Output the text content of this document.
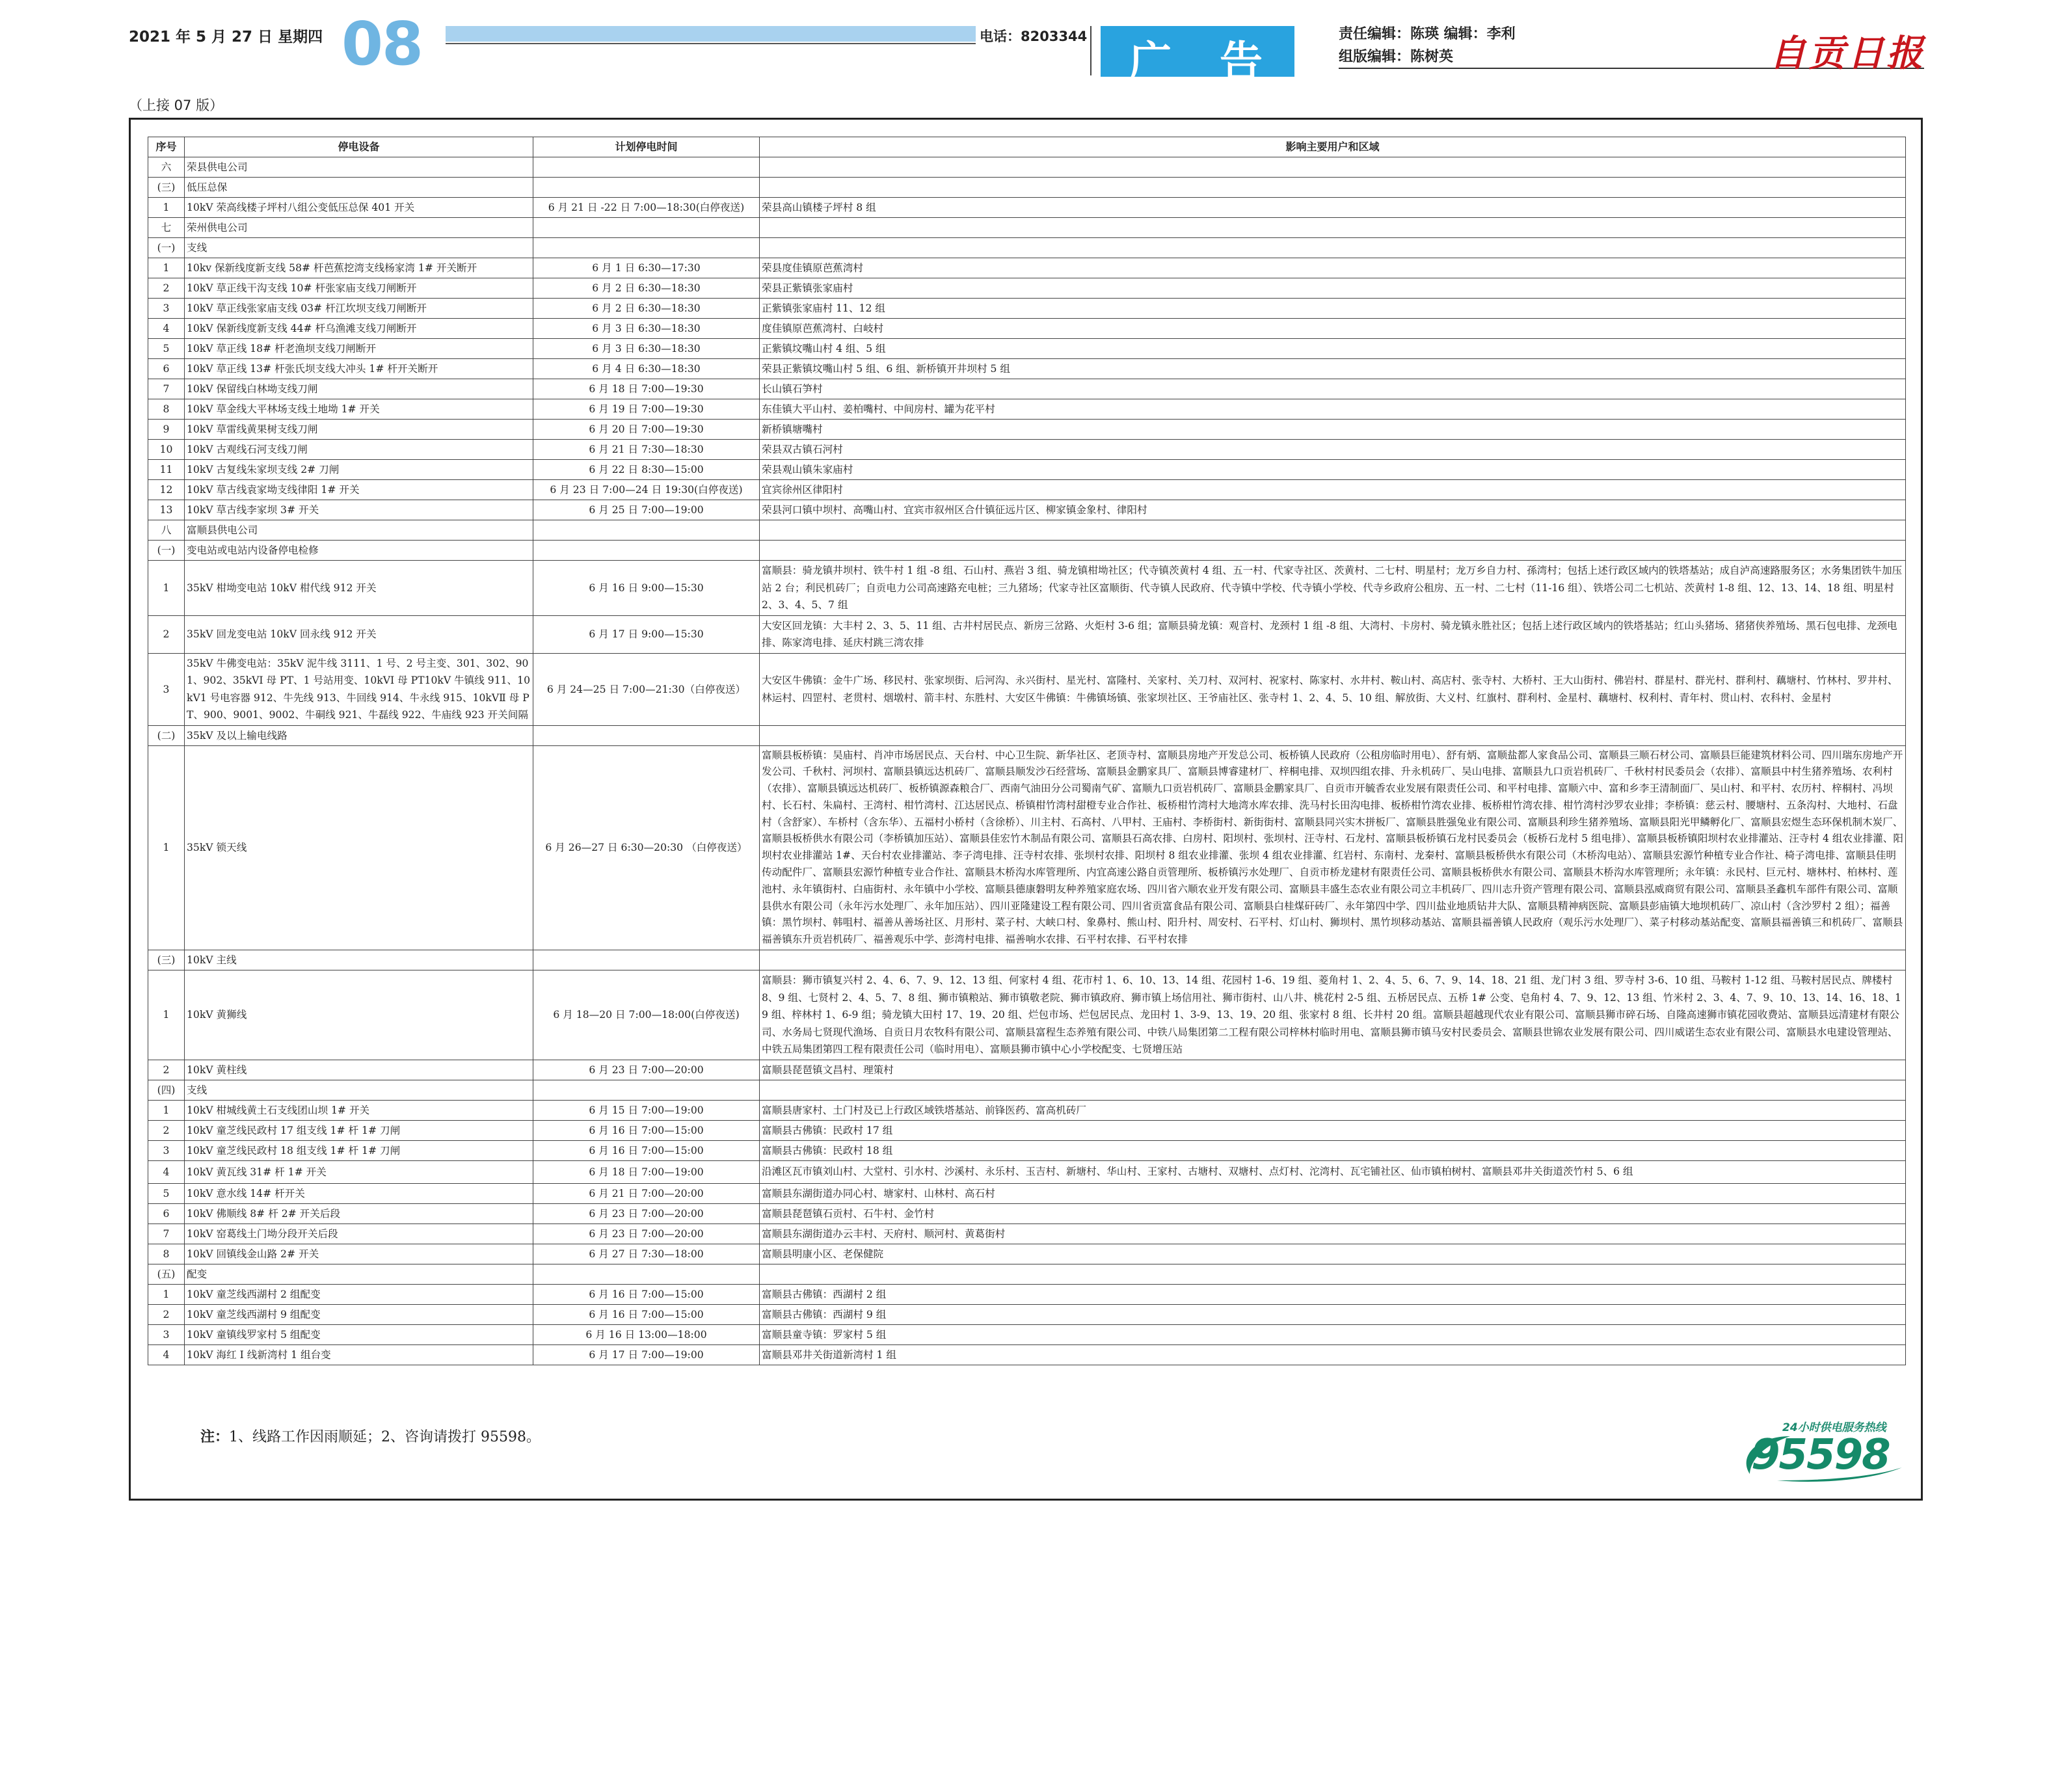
2021 年 5 月 27 日 星期四 08	电话：8203344
广 告
责任编辑：陈瑛 编辑：李利
组版编辑：陈树英	自贡日报
（上接 07 版）
序号	停电设备	计划停电时间	影响主要用户和区域
六	荣县供电公司		
(三)	低压总保		
1	10kV 荣高线楼子坪村八组公变低压总保 401 开关	6 月 21 日 -22 日 7:00—18:30(白停夜送)	荣县高山镇楼子坪村 8 组
七	荣州供电公司		
(一)	支线		
1	10kv 保新线度新支线 58# 杆芭蕉挖湾支线杨家湾 1# 开关断开	6 月 1 日 6:30—17:30	荣县度佳镇原芭蕉湾村
2	10kV 草正线干沟支线 10# 杆张家庙支线刀闸断开	6 月 2 日 6:30—18:30	荣县正紫镇张家庙村
3	10kV 草正线张家庙支线 03# 杆江坎坝支线刀闸断开	6 月 2 日 6:30—18:30	正紫镇张家庙村 11、12 组
4	10kV 保新线度新支线 44# 杆乌渔滩支线刀闸断开	6 月 3 日 6:30—18:30	度佳镇原芭蕉湾村、白岐村
5	10kV 草正线 18# 杆老渔坝支线刀闸断开	6 月 3 日 6:30—18:30	正紫镇坟嘴山村 4 组、5 组
6	10kV 草正线 13# 杆张氏坝支线大冲头 1# 杆开关断开	6 月 4 日 6:30—18:30	荣县正紫镇坟嘴山村 5 组、6 组、新桥镇开井坝村 5 组
7	10kV 保留线白林坳支线刀闸	6 月 18 日 7:00—19:30	长山镇石笋村
8	10kV 草金线大平林场支线土地坳 1# 开关	6 月 19 日 7:00—19:30	东佳镇大平山村、姜柏嘴村、中间房村、罐为花平村
9	10kV 草雷线黄果树支线刀闸	6 月 20 日 7:00—19:30	新桥镇塘嘴村
10	10kV 古观线石河支线刀闸	6 月 21 日 7:30—18:30	荣县双古镇石河村
11	10kV 古复线朱家坝支线 2# 刀闸	6 月 22 日 8:30—15:00	荣县观山镇朱家庙村
12	10kV 草古线袁家坳支线律阳 1# 开关	6 月 23 日 7:00—24 日 19:30(白停夜送)	宜宾徐州区律阳村
13	10kV 草古线李家坝 3# 开关	6 月 25 日 7:00—19:00	荣县河口镇中坝村、高嘴山村、宜宾市叙州区合什镇征远片区、柳家镇金象村、律阳村
八	富顺县供电公司		
(一)	变电站或电站内设备停电检修		
1	35kV 柑坳变电站 10kV 柑代线 912 开关	6 月 16 日 9:00—15:30	富顺县：骑龙镇井坝村、铁牛村 1 组 -8 组、石山村、燕岩 3 组、骑龙镇柑坳社区；代寺镇茨黄村 4 组、五一村、代家寺社区、茨黄村、二七村、明星村；龙万乡自力村、孫湾村；包括上述行政区域内的铁塔基站；成自泸高速路服务区；水务集团铁牛加压站 2 台；利民机砖厂；自贡电力公司高速路充电桩；三九猪场；代家寺社区富顺街、代寺镇人民政府、代寺镇中学校、代寺镇小学校、代寺乡政府公租房、五一村、二七村（11-16 组）、铁塔公司二七机站、茨黄村 1-8 组、12、13、14、18 组、明星村 2、3、4、5、7 组
2	35kV 回龙变电站 10kV 回永线 912 开关	6 月 17 日 9:00—15:30	大安区回龙镇：大丰村 2、3、5、11 组、古井村居民点、新房三岔路、火炬村 3-6 组；富顺县骑龙镇：观音村、龙颈村 1 组 -8 组、大湾村、卡房村、骑龙镇永胜社区；包括上述行政区域内的铁塔基站；红山头猪场、猪猪侠养殖场、黑石包电排、龙颈电排、陈家湾电排、延庆村跳三湾农排
3	35kV 牛佛变电站：35kV 泥牛线 3111、1 号、2 号主变、301、302、901、902、35kVI 母 PT、1 号站用变、10kVI 母 PT10kV 牛镇线 911、10kV1 号电容器 912、牛先线 913、牛回线 914、牛永线 915、10kVⅡ 母 PT、900、9001、9002、牛硐线 921、牛磊线 922、牛庙线 923 开关间隔	6 月 24—25 日 7:00—21:30（白停夜送）	大安区牛佛镇：金牛广场、移民村、张家坝街、后河沟、永兴街村、星光村、富隆村、关家村、关刀村、双河村、祝家村、陈家村、水井村、鞍山村、高店村、张寺村、大桥村、王大山街村、佛岩村、群星村、群光村、群利村、藕塘村、竹林村、罗井村、林运村、四罡村、老贯村、烟墩村、箭丰村、东胜村、大安区牛佛镇：牛佛镇场镇、张家坝社区、王爷庙社区、张寺村 1、2、4、5、10 组、解放街、大义村、红旗村、群利村、金星村、藕塘村、权利村、青年村、贯山村、农科村、金星村
(二)	35kV 及以上输电线路		
1	35kV 锁天线	6 月 26—27 日 6:30—20:30 （白停夜送）	富顺县板桥镇：吴庙村、肖冲市场居民点、天台村、中心卫生院、新华社区、老顶寺村、富顺县房地产开发总公司、板桥镇人民政府（公租房临时用电）、舒有炳、富顺盐都人家食品公司、富顺县三顺石材公司、富顺县巨能建筑材料公司、四川瑞东房地产开发公司、千秋村、河坝村、富顺县镇远达机砖厂、富顺县顺发沙石经营场、富顺县金鹏家具厂、富顺县博睿建材厂、梓桐电排、双坝四组农排、升永机砖厂、吴山电排、富顺县九口贡岩机砖厂、千秋村村民委员会（农排）、富顺县中村生猪养殖场、农利村（农排）、富顺县镇远达机砖厂、板桥镇源森粮合厂、西南气油田分公司蜀南气矿、富顺九口贡岩机砖厂、富顺县金鹏家具厂、自贡市开毓香农业发展有限责任公司、和平村电排、富顺六中、富和乡李王清制面厂、吴山村、和平村、农历村、梓桐村、冯坝村、长石村、朱扁村、王湾村、柑竹湾村、江达居民点、桥镇柑竹湾村甜橙专业合作社、板桥柑竹湾村大地湾水库农排、洗马村长田沟电排、板桥柑竹湾农业排、板桥柑竹湾农排、柑竹湾村沙罗农业排；李桥镇：慈云村、腰塘村、五条沟村、大地村、石盘村（含舒家）、车桥村（含东华）、五福村小桥村（含徐桥）、川主村、石高村、八甲村、王庙村、李桥街村、新街街村、富顺县同兴实木拼板厂、富顺县胜强兔业有限公司、富顺县利珍生猪养殖场、富顺县阳光甲鳞孵化厂、富顺县宏煜生态环保机制木炭厂、富顺县板桥供水有限公司（李桥镇加压站）、富顺县佳宏竹木制品有限公司、富顺县石高农排、白房村、阳坝村、张坝村、汪寺村、石龙村、富顺县板桥镇石龙村民委员会（板桥石龙村 5 组电排）、富顺县板桥镇阳坝村农业排灌站、汪寺村 4 组农业排灌、阳坝村农业排灌站 1#、天台村农业排灌站、李子湾电排、汪寺村农排、张坝村农排、阳坝村 8 组农业排灌、张坝 4 组农业排灌、红岩村、东南村、龙秦村、富顺县板桥供水有限公司（木桥沟电站）、富顺县宏源竹种植专业合作社、椅子湾电排、富顺县佳明传动配件厂、富顺县宏源竹种植专业合作社、富顺县木桥沟水库管理所、内宜高速公路自贡管理所、板桥镇污水处理厂、自贡市桥龙建材有限责任公司、富顺县板桥供水有限公司、富顺县木桥沟水库管理所；永年镇：永民村、巨元村、塘林村、柏林村、莲池村、永年镇街村、白庙街村、永年镇中小学校、富顺县德康磐明友种养殖家庭农场、四川省六顺农业开发有限公司、富顺县丰盛生态农业有限公司立丰机砖厂、四川志升资产管理有限公司、富顺县泓威商贸有限公司、富顺县圣鑫机车部件有限公司、富顺县供水有限公司（永年污水处理厂、永年加压站）、四川亚隆建设工程有限公司、四川省贡富食品有限公司、富顺县白桂煤矸砖厂、永年第四中学、四川盐业地质钻井大队、富顺县精神病医院、富顺县彭庙镇大地坝机砖厂、凉山村（含沙罗村 2 组）；福善镇：黑竹坝村、韩咀村、福善从善场社区、月形村、菜子村、大峡口村、象鼻村、熊山村、阳升村、周安村、石平村、灯山村、狮坝村、黑竹坝移动基站、富顺县福善镇人民政府（观乐污水处理厂）、菜子村移动基站配变、富顺县福善镇三和机砖厂、富顺县福善镇东升贡岩机砖厂、福善观乐中学、彭湾村电排、福善响水农排、石平村农排、石平村农排
(三)	10kV 主线		
1	10kV 黄狮线	6 月 18—20 日 7:00—18:00(白停夜送)	富顺县：狮市镇复兴村 2、4、6、7、9、12、13 组、何家村 4 组、花市村 1、6、10、13、14 组、花园村 1-6、19 组、菱角村 1、2、4、5、6、7、9、14、18、21 组、龙门村 3 组、罗寺村 3-6、10 组、马鞍村 1-12 组、马鞍村居民点、牌楼村 8、9 组、七贤村 2、4、5、7、8 组、狮市镇粮站、狮市镇敬老院、狮市镇政府、狮市镇上场信用社、狮市街村、山八井、桃花村 2-5 组、五桥居民点、五桥 1# 公变、皂角村 4、7、9、12、13 组、竹米村 2、3、4、7、9、10、13、14、16、18、19 组、梓林村 1、6-9 组；骑龙镇大田村 17、19、20 组、烂包市场、烂包居民点、龙田村 1、3-9、13、19、20 组、张家村 8 组、长井村 20 组。富顺县超越现代农业有限公司、富顺县狮市碎石场、自隆高速狮市镇花园收费站、富顺县远清建材有限公司、水务局七贤现代渔场、自贡日月农牧科有限公司、富顺县富程生态养殖有限公司、中铁八局集团第二工程有限公司梓林村临时用电、富顺县狮市镇马安村民委员会、富顺县世锦农业发展有限公司、四川威诺生态农业有限公司、富顺县水电建设管理站、中铁五局集团第四工程有限责任公司（临时用电）、富顺县狮市镇中心小学校配变、七贤增压站
2	10kV 黄柱线	6 月 23 日 7:00—20:00	富顺县琵琶镇文昌村、理策村
(四)	支线		
1	10kV 柑城线黄土石支线团山坝 1# 开关	6 月 15 日 7:00—19:00	富顺县唐家村、土门村及已上行政区域铁塔基站、前锋医药、富高机砖厂
2	10kV 童芝线民政村 17 组支线 1# 杆 1# 刀闸	6 月 16 日 7:00—15:00	富顺县古佛镇：民政村 17 组
3	10kV 童芝线民政村 18 组支线 1# 杆 1# 刀闸	6 月 16 日 7:00—15:00	富顺县古佛镇：民政村 18 组
4	10kV 黄瓦线 31# 杆 1# 开关	6 月 18 日 7:00—19:00	沿滩区瓦市镇刘山村、大堂村、引水村、沙溪村、永乐村、玉吉村、新塘村、华山村、王家村、古塘村、双塘村、点灯村、沱湾村、瓦宅铺社区、仙市镇柏树村、富顺县邓井关街道茨竹村 5、6 组
5	10kV 意水线 14# 杆开关	6 月 21 日 7:00—20:00	富顺县东湖街道办同心村、塘家村、山林村、高石村
6	10kV 佛顺线 8# 杆 2# 开关后段	6 月 23 日 7:00—20:00	富顺县琵琶镇石贡村、石牛村、金竹村
7	10kV 窑葛线土门坳分段开关后段	6 月 23 日 7:00—20:00	富顺县东湖街道办云丰村、天府村、顺河村、黄葛街村
8	10kV 回镇线金山路 2# 开关	6 月 27 日 7:30—18:00	富顺县明康小区、老保健院
(五)	配变		
1	10kV 童芝线西湖村 2 组配变	6 月 16 日 7:00—15:00	富顺县古佛镇：西湖村 2 组
2	10kV 童芝线西湖村 9 组配变	6 月 16 日 7:00—15:00	富顺县古佛镇：西湖村 9 组
3	10kV 童镇线罗家村 5 组配变	6 月 16 日 13:00—18:00	富顺县童寺镇：罗家村 5 组
4	10kV 海红 I 线新湾村 1 组台变	6 月 17 日 7:00—19:00	富顺县邓井关街道新湾村 1 组
注：1、线路工作因雨顺延；2、咨询请拨打 95598。
24小时供电服务热线
95598
